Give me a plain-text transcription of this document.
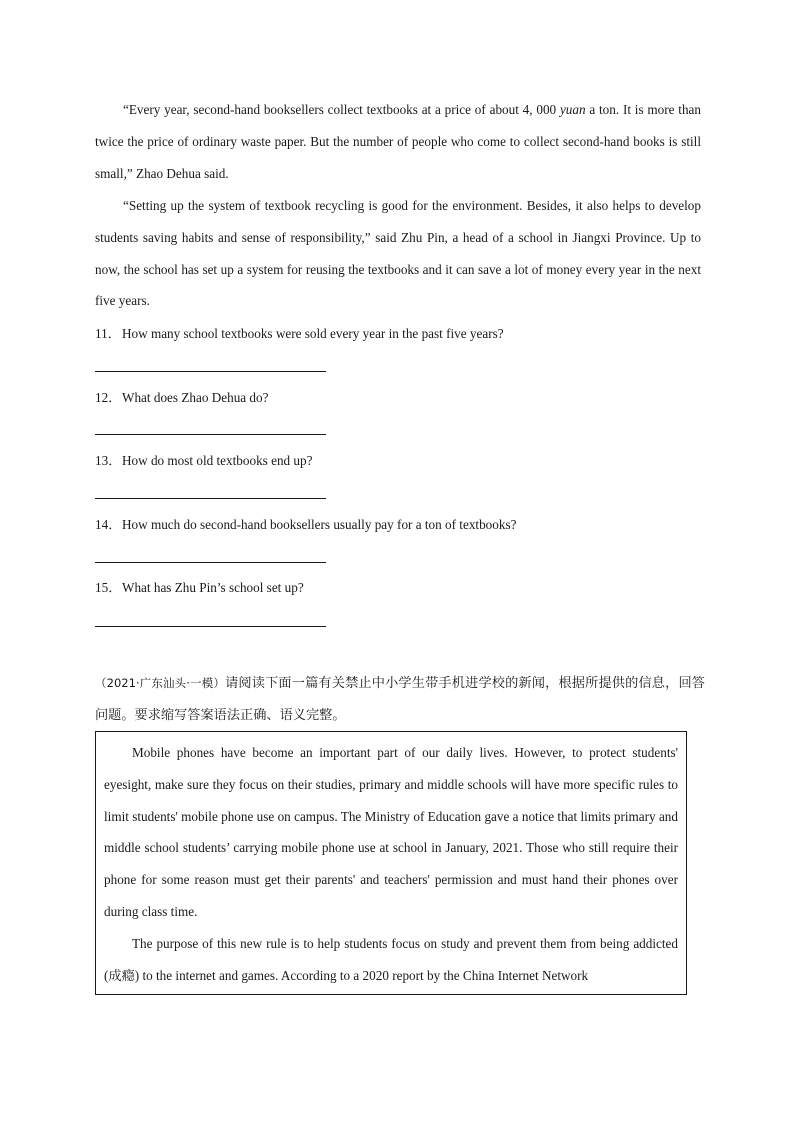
“Every year, second-hand booksellers collect textbooks at a price of about 4, 000 yuan a ton. It is more than twice the price of ordinary waste paper. But the number of people who come to collect second-hand books is still small,” Zhao Dehua said.

“Setting up the system of textbook recycling is good for the environment. Besides, it also helps to develop students saving habits and sense of responsibility,” said Zhu Pin, a head of a school in Jiangxi Province. Up to now, the school has set up a system for reusing the textbooks and it can save a lot of money every year in the next five years.

11．How many school textbooks were sold every year in the past five years?

12．What does Zhao Dehua do?

13．How do most old textbooks end up?

14．How much do second-hand booksellers usually pay for a ton of textbooks?

15．What has Zhu Pin’s school set up?

（2021·广东汕头·一模）请阅读下面一篇有关禁止中小学生带手机进学校的新闻，根据所提供的信息，回答问题。要求缩写答案语法正确、语义完整。

Mobile phones have become an important part of our daily lives. However, to protect students' eyesight, make sure they focus on their studies, primary and middle schools will have more specific rules to limit students' mobile phone use on campus. The Ministry of Education gave a notice that limits primary and middle school students’ carrying mobile phone use at school in January, 2021. Those who still require their phone for some reason must get their parents' and teachers' permission and must hand their phones over during class time.

The purpose of this new rule is to help students focus on study and prevent them from being addicted (成瘾) to the internet and games. According to a 2020 report by the China Internet Network
